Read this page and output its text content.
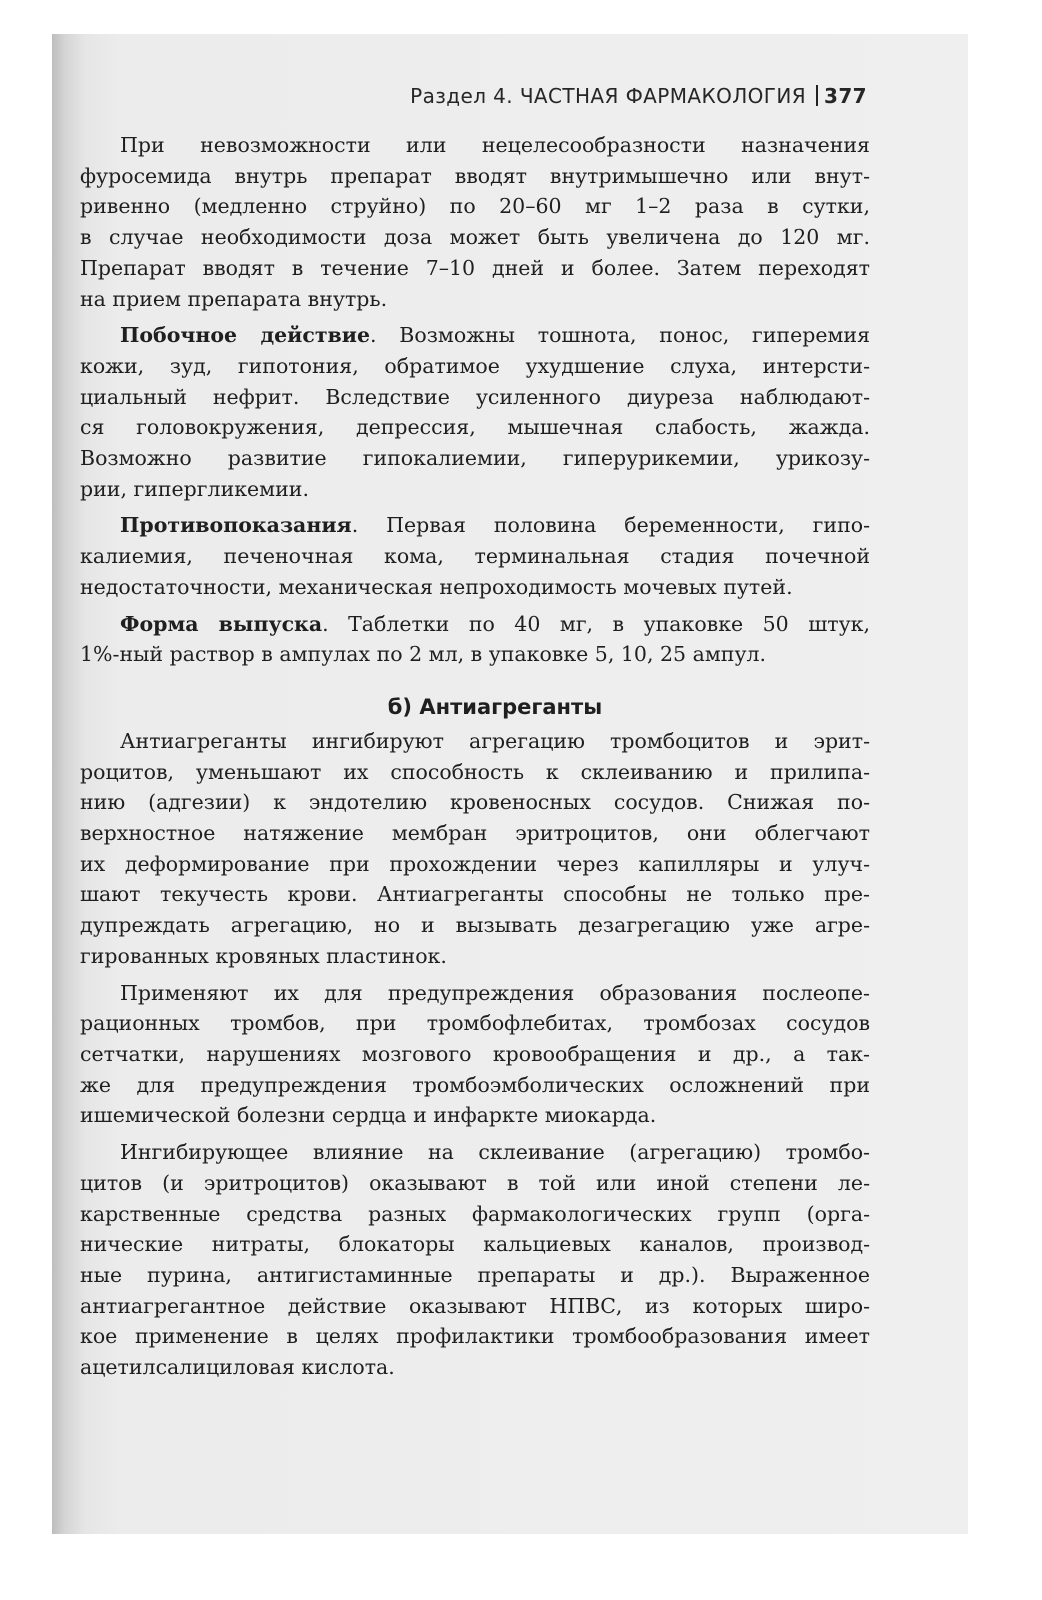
Раздел 4. ЧАСТНАЯ ФАРМАКОЛОГИЯ 377
При невозможности или нецелесообразности назначения
фуросемида внутрь препарат вводят внутримышечно или внут-
ривенно (медленно струйно) по 20–60 мг 1–2 раза в сутки,
в случае необходимости доза может быть увеличена до 120 мг.
Препарат вводят в течение 7–10 дней и более. Затем переходят
на прием препарата внутрь.
Побочное действие. Возможны тошнота, понос, гиперемия
кожи, зуд, гипотония, обратимое ухудшение слуха, интерсти-
циальный нефрит. Вследствие усиленного диуреза наблюдают-
ся головокружения, депрессия, мышечная слабость, жажда.
Возможно развитие гипокалиемии, гиперурикемии, урикозу-
рии, гипергликемии.
Противопоказания. Первая половина беременности, гипо-
калиемия, печеночная кома, терминальная стадия почечной
недостаточности, механическая непроходимость мочевых путей.
Форма выпуска. Таблетки по 40 мг, в упаковке 50 штук,
1%-ный раствор в ампулах по 2 мл, в упаковке 5, 10, 25 ампул.
б) Антиагреганты
Антиагреганты ингибируют агрегацию тромбоцитов и эрит-
роцитов, уменьшают их способность к склеиванию и прилипа-
нию (адгезии) к эндотелию кровеносных сосудов. Снижая по-
верхностное натяжение мембран эритроцитов, они облегчают
их деформирование при прохождении через капилляры и улуч-
шают текучесть крови. Антиагреганты способны не только пре-
дупреждать агрегацию, но и вызывать дезагрегацию уже агре-
гированных кровяных пластинок.
Применяют их для предупреждения образования послеопе-
рационных тромбов, при тромбофлебитах, тромбозах сосудов
сетчатки, нарушениях мозгового кровообращения и др., а так-
же для предупреждения тромбоэмболических осложнений при
ишемической болезни сердца и инфаркте миокарда.
Ингибирующее влияние на склеивание (агрегацию) тромбо-
цитов (и эритроцитов) оказывают в той или иной степени ле-
карственные средства разных фармакологических групп (орга-
нические нитраты, блокаторы кальциевых каналов, производ-
ные пурина, антигистаминные препараты и др.). Выраженное
антиагрегантное действие оказывают НПВС, из которых широ-
кое применение в целях профилактики тромбообразования имеет
ацетилсалициловая кислота.
